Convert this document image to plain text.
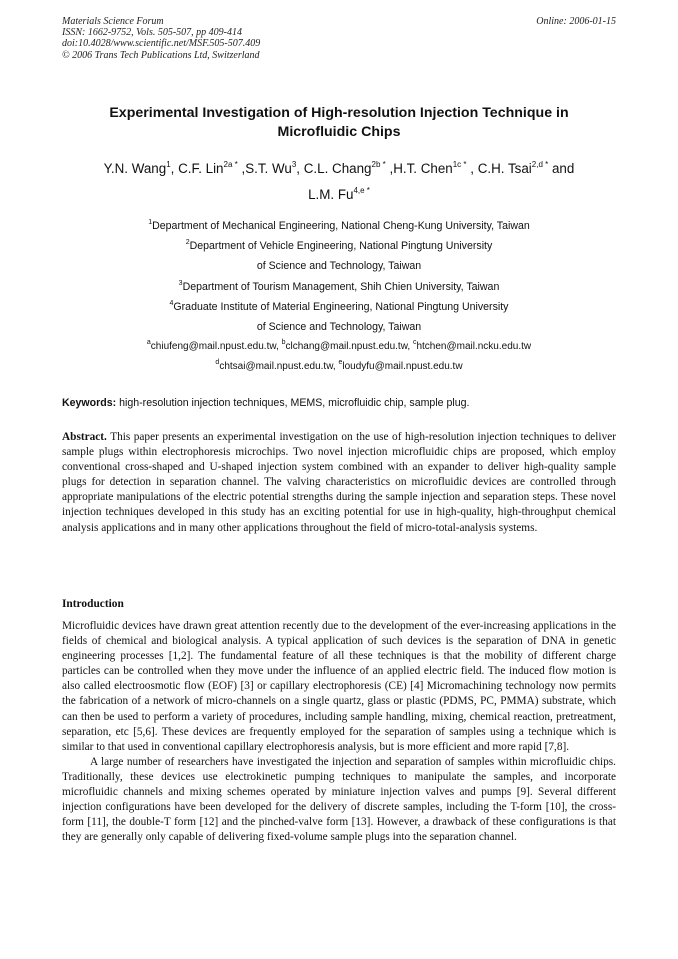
Materials Science Forum
ISSN: 1662-9752, Vols. 505-507, pp 409-414
doi:10.4028/www.scientific.net/MSF.505-507.409
© 2006 Trans Tech Publications Ltd, Switzerland
Online: 2006-01-15
Experimental Investigation of High-resolution Injection Technique in
Microfluidic Chips
Y.N. Wang$^1$, C.F. Lin$^{2a *}$ ,S.T. Wu$^3$, C.L. Chang$^{2b *}$ ,H.T. Chen$^{1c *}$ , C.H. Tsai$^{2,d *}$ and
L.M. $Fu^{4,e *}$
$^1$Department of Mechanical Engineering, National Cheng-Kung University, Taiwan
$^2$Department of Vehicle Engineering, National Pingtung University
of Science and Technology, Taiwan
$^3$Department of Tourism Management, Shih Chien University, Taiwan
$^4$Graduate Institute of Material Engineering, National Pingtung University
of Science and Technology, Taiwan
$^a$chiufeng@mail.npust.edu.tw, $^b$clchang@mail.npust.edu.tw, $^c$htchen@mail.ncku.edu.tw
$^d$chtsai@mail.npust.edu.tw, $^e$loudyfu@mail.npust.edu.tw
Keywords: high-resolution injection techniques, MEMS, microfluidic chip, sample plug.
Abstract. This paper presents an experimental investigation on the use of high-resolution injection techniques to deliver sample plugs within electrophoresis microchips. Two novel injection microfluidic chips are proposed, which employ conventional cross-shaped and U-shaped injection system combined with an expander to deliver high-quality sample plugs for detection in separation channel. The valving characteristics on microfluidic devices are controlled through appropriate manipulations of the electric potential strengths during the sample injection and separation steps. These novel injection techniques developed in this study has an exciting potential for use in high-quality, high-throughput chemical analysis applications and in many other applications throughout the field of micro-total-analysis systems.
Introduction

Microfluidic devices have drawn great attention recently due to the development of the ever-increasing applications in the fields of chemical and biological analysis. A typical application of such devices is the separation of DNA in genetic engineering processes [1,2]. The fundamental feature of all these techniques is that the mobility of different charge particles can be controlled when they move under the influence of an applied electric field. The induced flow motion is also called electroosmotic flow (EOF) [3] or capillary electrophoresis (CE) [4] Micromachining technology now permits the fabrication of a network of micro-channels on a single quartz, glass or plastic (PDMS, PC, PMMA) substrate, which can then be used to perform a variety of procedures, including sample handling, mixing, chemical reaction, pretreatment, separation, etc [5,6]. These devices are frequently employed for the separation of samples using a technique which is similar to that used in conventional capillary electrophoresis analysis, but is more efficient and more rapid [7,8].

A large number of researchers have investigated the injection and separation of samples within microfluidic chips. Traditionally, these devices use electrokinetic pumping techniques to manipulate the samples, and incorporate microfluidic channels and mixing schemes operated by miniature injection valves and pumps [9]. Several different injection configurations have been developed for the delivery of discrete samples, including the T-form [10], the cross-form [11], the double-T form [12] and the pinched-valve form [13]. However, a drawback of these configurations is that they are generally only capable of delivering fixed-volume sample plugs into the separation channel.
